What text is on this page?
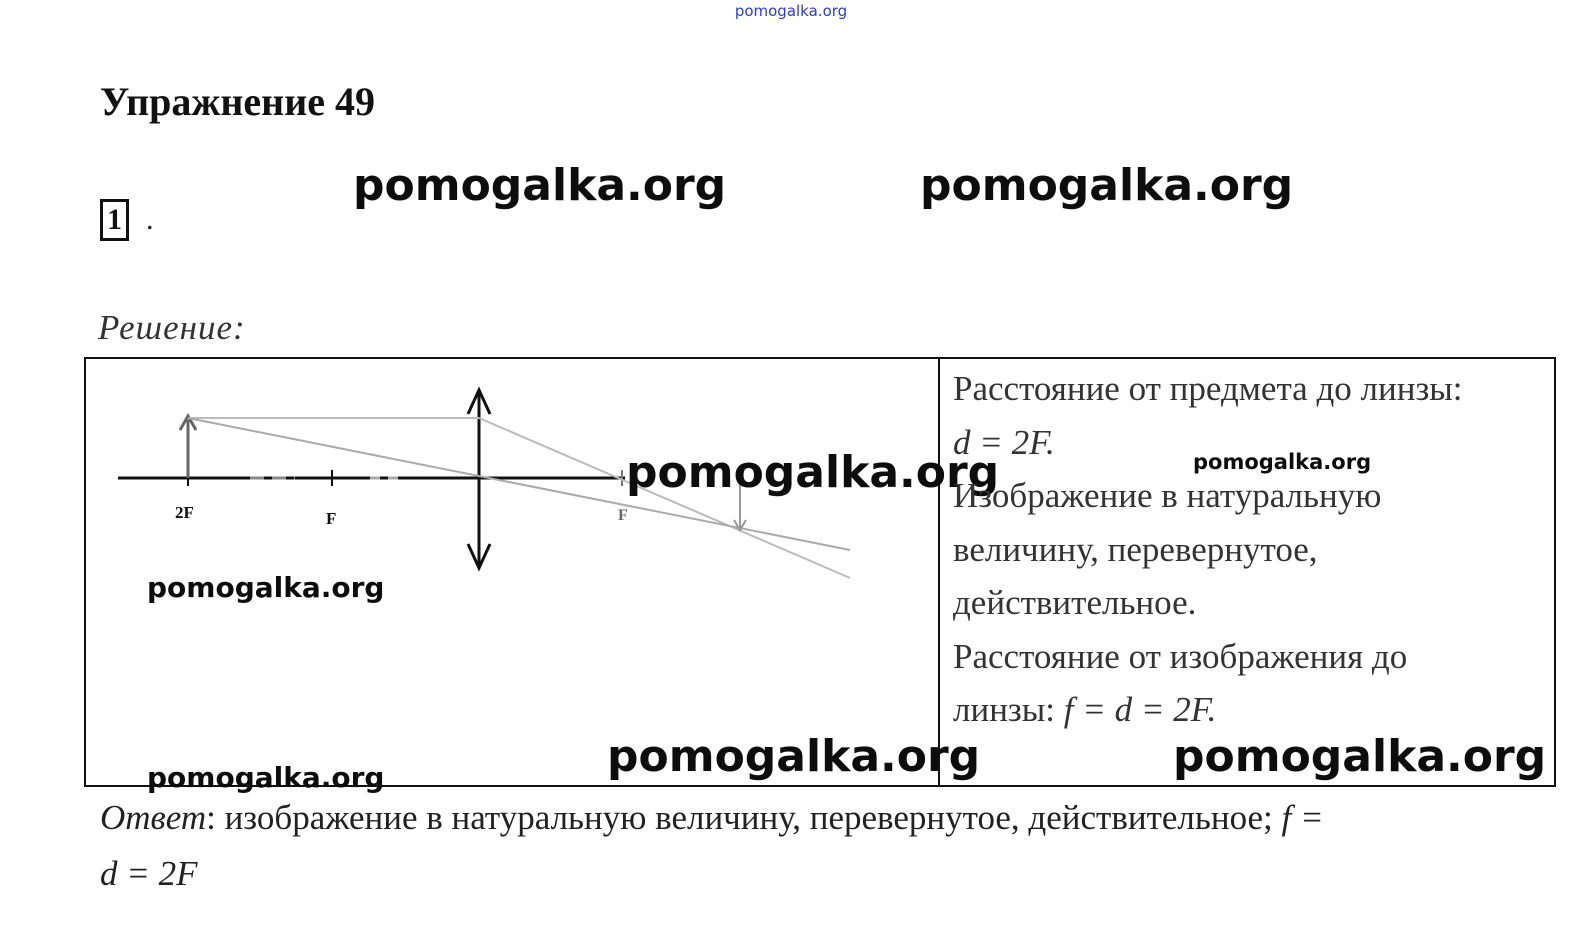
pomogalka.org
Упражнение 49
1 .
pomogalka.org	pomogalka.org
Решение:
2F	F	F
pomogalka.org
pomogalka.org
Расстояние от предмета до линзы:
d = 2F.
Изображение в натуральную
величину, перевернутое,
действительное.
Расстояние от изображения до
линзы: f = d = 2F.
pomogalka.org
pomogalka.org	pomogalka.org
pomogalka.org
Ответ: изображение в натуральную величину, перевернутое, действительное; f =
d = 2F
